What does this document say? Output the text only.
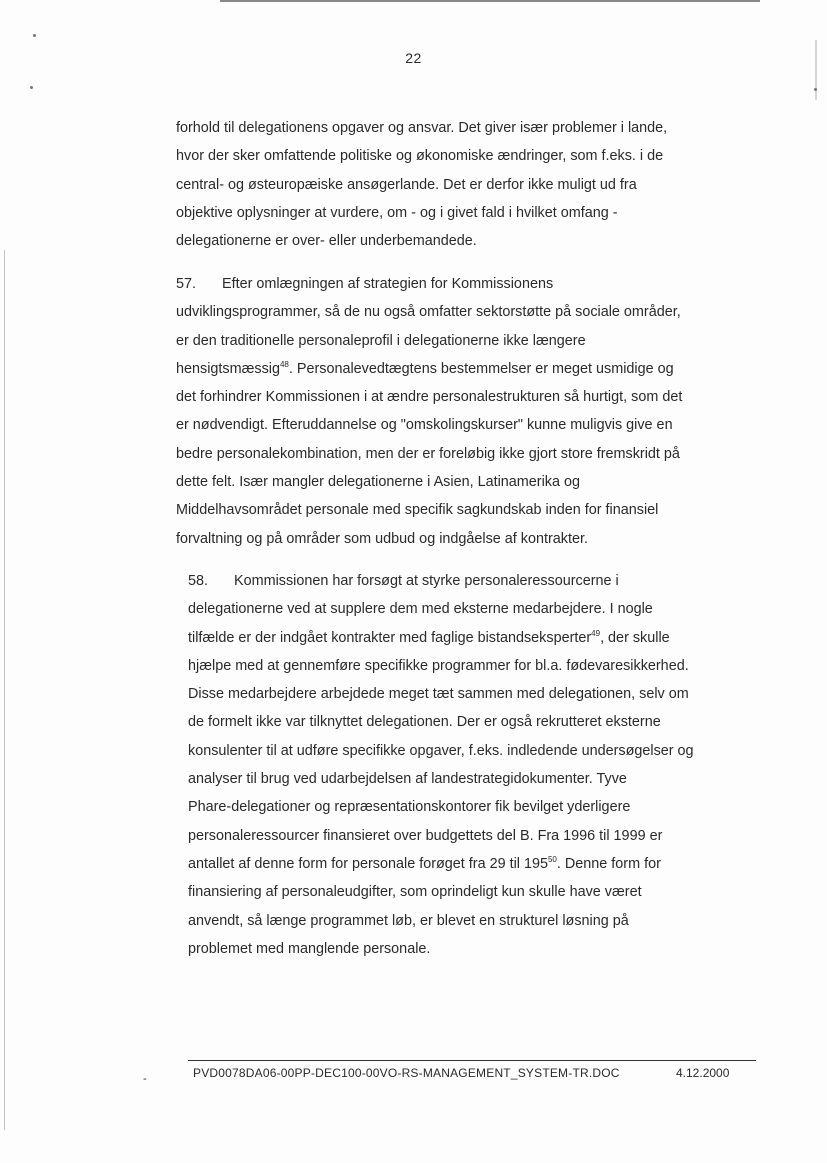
22
forhold til delegationens opgaver og ansvar. Det giver især problemer i lande,
hvor der sker omfattende politiske og økonomiske ændringer, som f.eks. i de
central- og østeuropæiske ansøgerlande. Det er derfor ikke muligt ud fra
objektive oplysninger at vurdere, om - og i givet fald i hvilket omfang -
delegationerne er over- eller underbemandede.
57. Efter omlægningen af strategien for Kommissionens
udviklingsprogrammer, så de nu også omfatter sektorstøtte på sociale områder,
er den traditionelle personaleprofil i delegationerne ikke længere
hensigtsmæssig$^{48}$. Personalevedtægtens bestemmelser er meget usmidige og
det forhindrer Kommissionen i at ændre personalestrukturen så hurtigt, som det
er nødvendigt. Efteruddannelse og "omskolingskurser" kunne muligvis give en
bedre personalekombination, men der er foreløbig ikke gjort store fremskridt på
dette felt. Især mangler delegationerne i Asien, Latinamerika og
Middelhavsområdet personale med specifik sagkundskab inden for finansiel
forvaltning og på områder som udbud og indgåelse af kontrakter.
58. Kommissionen har forsøgt at styrke personaleressourcerne i
delegationerne ved at supplere dem med eksterne medarbejdere. I nogle
tilfælde er der indgået kontrakter med faglige bistandseksperter$^{49}$, der skulle
hjælpe med at gennemføre specifikke programmer for bl.a. fødevaresikkerhed.
Disse medarbejdere arbejdede meget tæt sammen med delegationen, selv om
de formelt ikke var tilknyttet delegationen. Der er også rekrutteret eksterne
konsulenter til at udføre specifikke opgaver, f.eks. indledende undersøgelser og
analyser til brug ved udarbejdelsen af landestrategidokumenter. Tyve
Phare-delegationer og repræsentationskontorer fik bevilget yderligere
personaleressourcer finansieret over budgettets del B. Fra 1996 til 1999 er
antallet af denne form for personale forøget fra 29 til $195^{50}$. Denne form for
finansiering af personaleudgifter, som oprindeligt kun skulle have været
anvendt, så længe programmet løb, er blevet en strukturel løsning på
problemet med manglende personale.
-	PVD0078DA06-00PP-DEC100-00VO-RS-MANAGEMENT_SYSTEM-TR.DOC	4.12.2000
